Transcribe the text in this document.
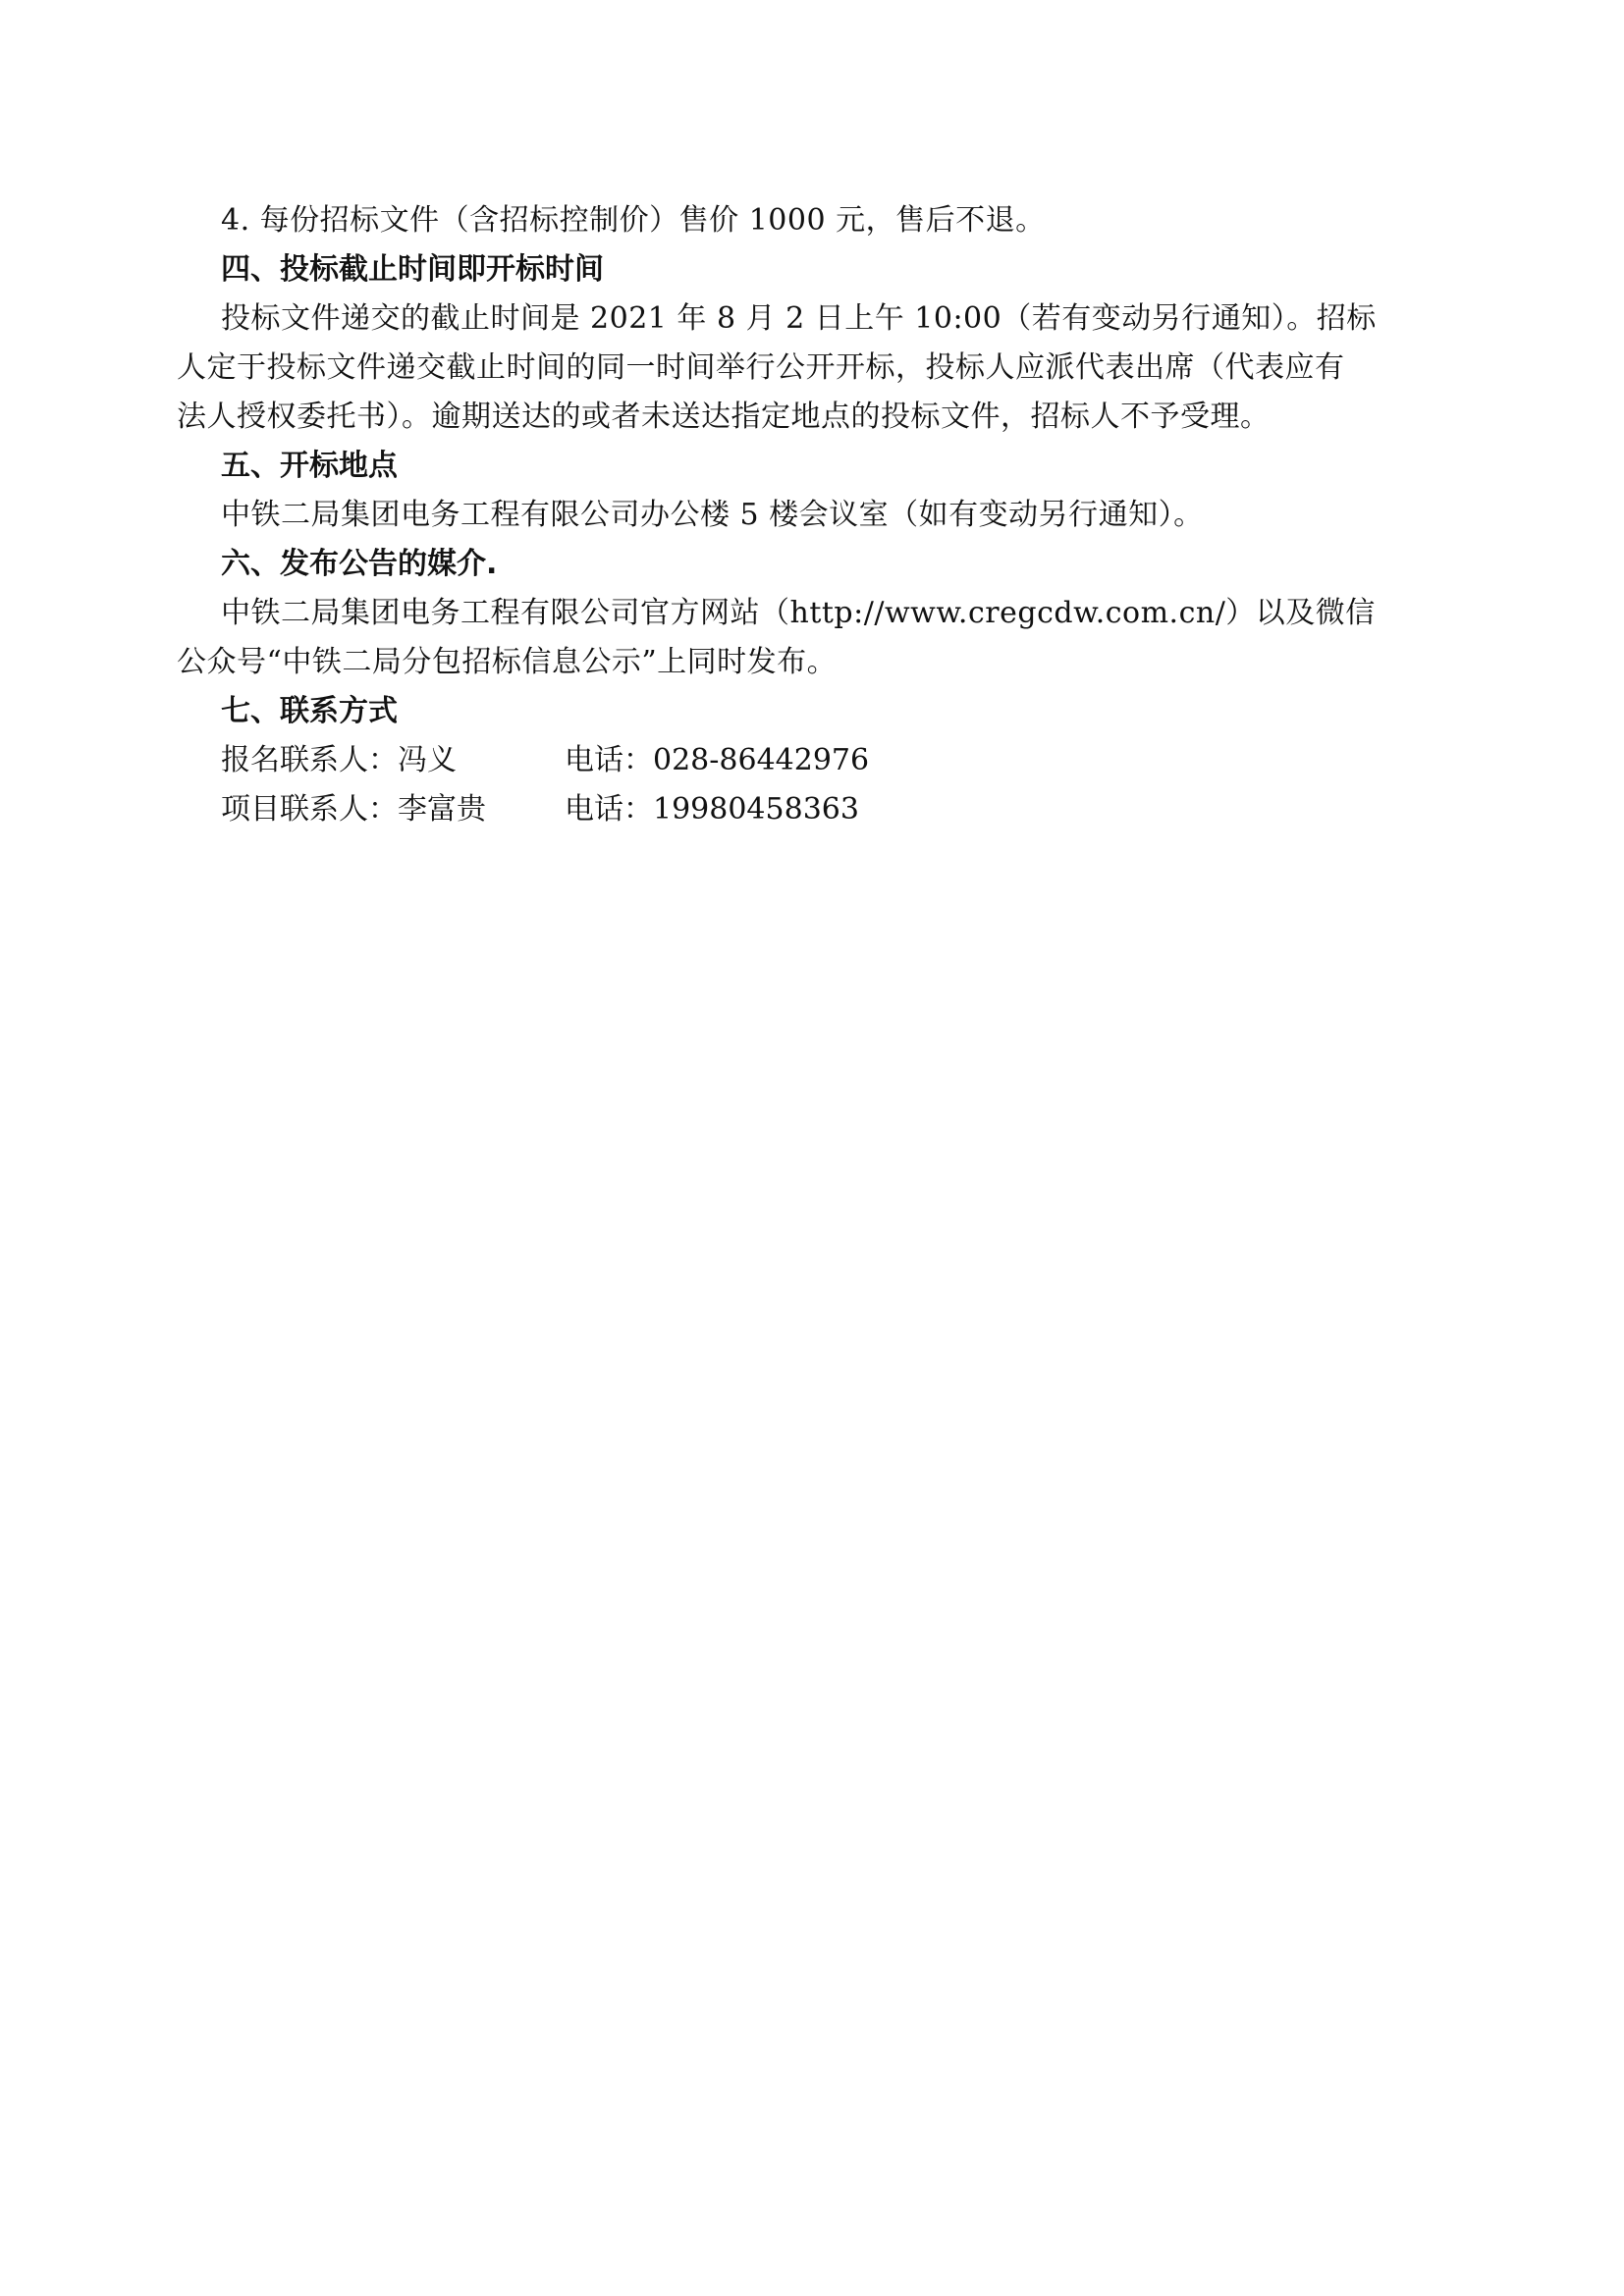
4. 每份招标文件（含招标控制价）售价 1000 元，售后不退。
四、投标截止时间即开标时间
投标文件递交的截止时间是 2021 年 8 月 2 日上午 10:00（若有变动另行通知）。招标
人定于投标文件递交截止时间的同一时间举行公开开标，投标人应派代表出席（代表应有
法人授权委托书）。逾期送达的或者未送达指定地点的投标文件，招标人不予受理。
五、开标地点
中铁二局集团电务工程有限公司办公楼 5 楼会议室（如有变动另行通知）。
六、发布公告的媒介.
中铁二局集团电务工程有限公司官方网站（http://www.cregcdw.com.cn/）以及微信
公众号“中铁二局分包招标信息公示”上同时发布。
七、联系方式
报名联系人：冯义	电话：028-86442976
项目联系人：李富贵	电话：19980458363
